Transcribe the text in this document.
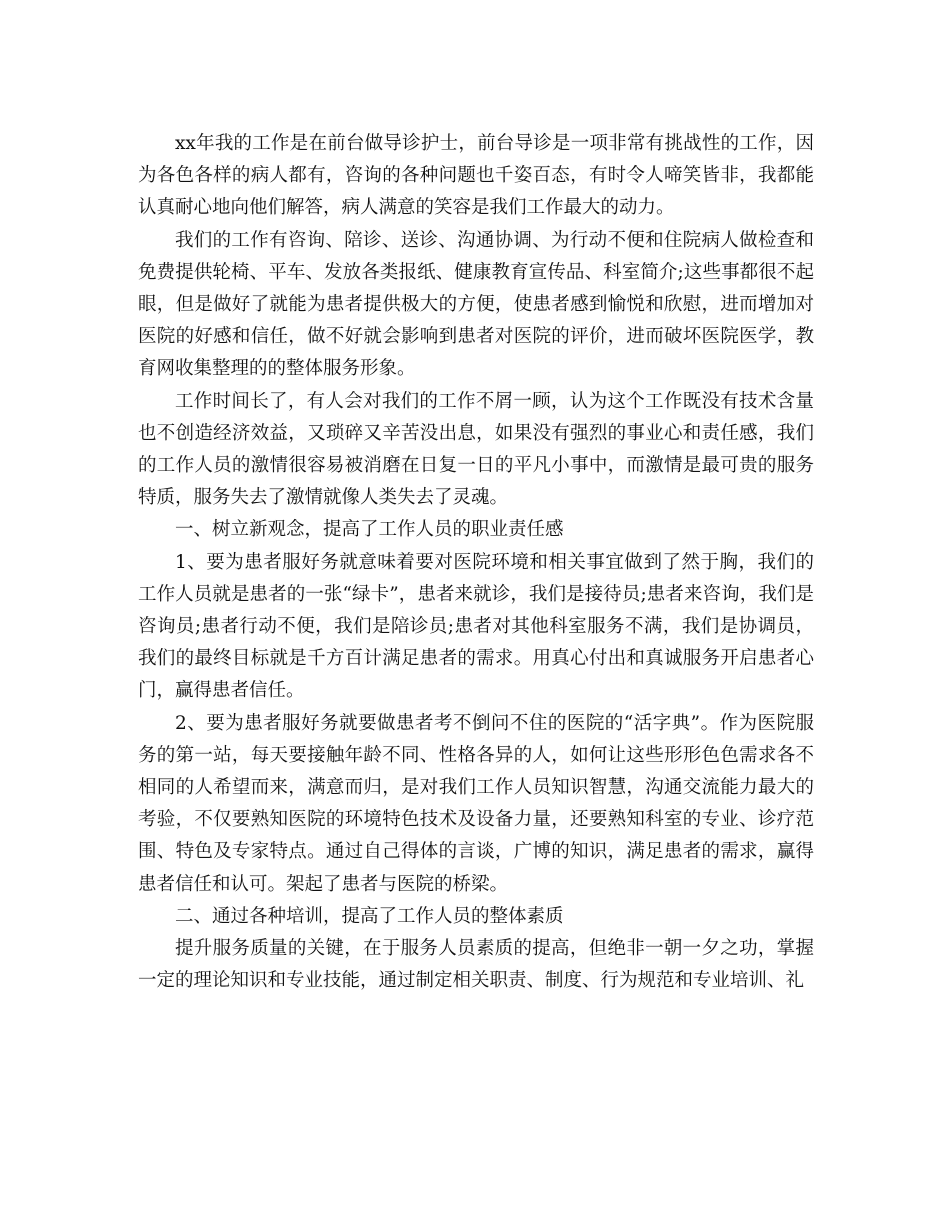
xx年我的工作是在前台做导诊护士，前台导诊是一项非常有挑战性的工作，因为各色各样的病人都有，咨询的各种问题也千姿百态，有时令人啼笑皆非，我都能认真耐心地向他们解答，病人满意的笑容是我们工作最大的动力。

我们的工作有咨询、陪诊、送诊、沟通协调、为行动不便和住院病人做检查和免费提供轮椅、平车、发放各类报纸、健康教育宣传品、科室简介;这些事都很不起眼，但是做好了就能为患者提供极大的方便，使患者感到愉悦和欣慰，进而增加对医院的好感和信任，做不好就会影响到患者对医院的评价，进而破坏医院医学，教育网收集整理的的整体服务形象。

工作时间长了，有人会对我们的工作不屑一顾，认为这个工作既没有技术含量也不创造经济效益，又琐碎又辛苦没出息，如果没有强烈的事业心和责任感，我们的工作人员的激情很容易被消磨在日复一日的平凡小事中，而激情是最可贵的服务特质，服务失去了激情就像人类失去了灵魂。

一、树立新观念，提高了工作人员的职业责任感

1、要为患者服好务就意味着要对医院环境和相关事宜做到了然于胸，我们的工作人员就是患者的一张“绿卡”，患者来就诊，我们是接待员;患者来咨询，我们是咨询员;患者行动不便，我们是陪诊员;患者对其他科室服务不满，我们是协调员，我们的最终目标就是千方百计满足患者的需求。用真心付出和真诚服务开启患者心门，赢得患者信任。

2、要为患者服好务就要做患者考不倒问不住的医院的“活字典”。作为医院服务的第一站，每天要接触年龄不同、性格各异的人，如何让这些形形色色需求各不相同的人希望而来，满意而归，是对我们工作人员知识智慧，沟通交流能力最大的考验，不仅要熟知医院的环境特色技术及设备力量，还要熟知科室的专业、诊疗范围、特色及专家特点。通过自己得体的言谈，广博的知识，满足患者的需求，赢得患者信任和认可。架起了患者与医院的桥梁。

二、通过各种培训，提高了工作人员的整体素质

提升服务质量的关键，在于服务人员素质的提高，但绝非一朝一夕之功，掌握一定的理论知识和专业技能，通过制定相关职责、制度、行为规范和专业培训、礼
